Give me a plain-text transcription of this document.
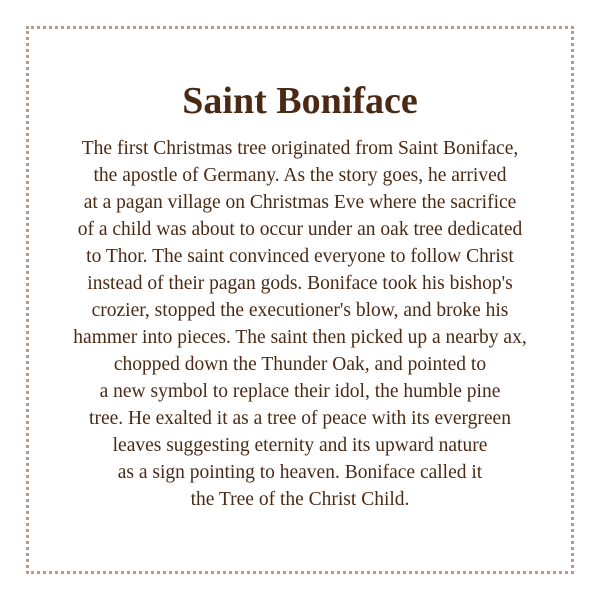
Saint Boniface
The first Christmas tree originated from Saint Boniface,
the apostle of Germany. As the story goes, he arrived
at a pagan village on Christmas Eve where the sacrifice
of a child was about to occur under an oak tree dedicated
to Thor. The saint convinced everyone to follow Christ
instead of their pagan gods. Boniface took his bishop's
crozier, stopped the executioner's blow, and broke his
hammer into pieces. The saint then picked up a nearby ax,
chopped down the Thunder Oak, and pointed to
a new symbol to replace their idol, the humble pine
tree. He exalted it as a tree of peace with its evergreen
leaves suggesting eternity and its upward nature
as a sign pointing to heaven. Boniface called it
the Tree of the Christ Child.
